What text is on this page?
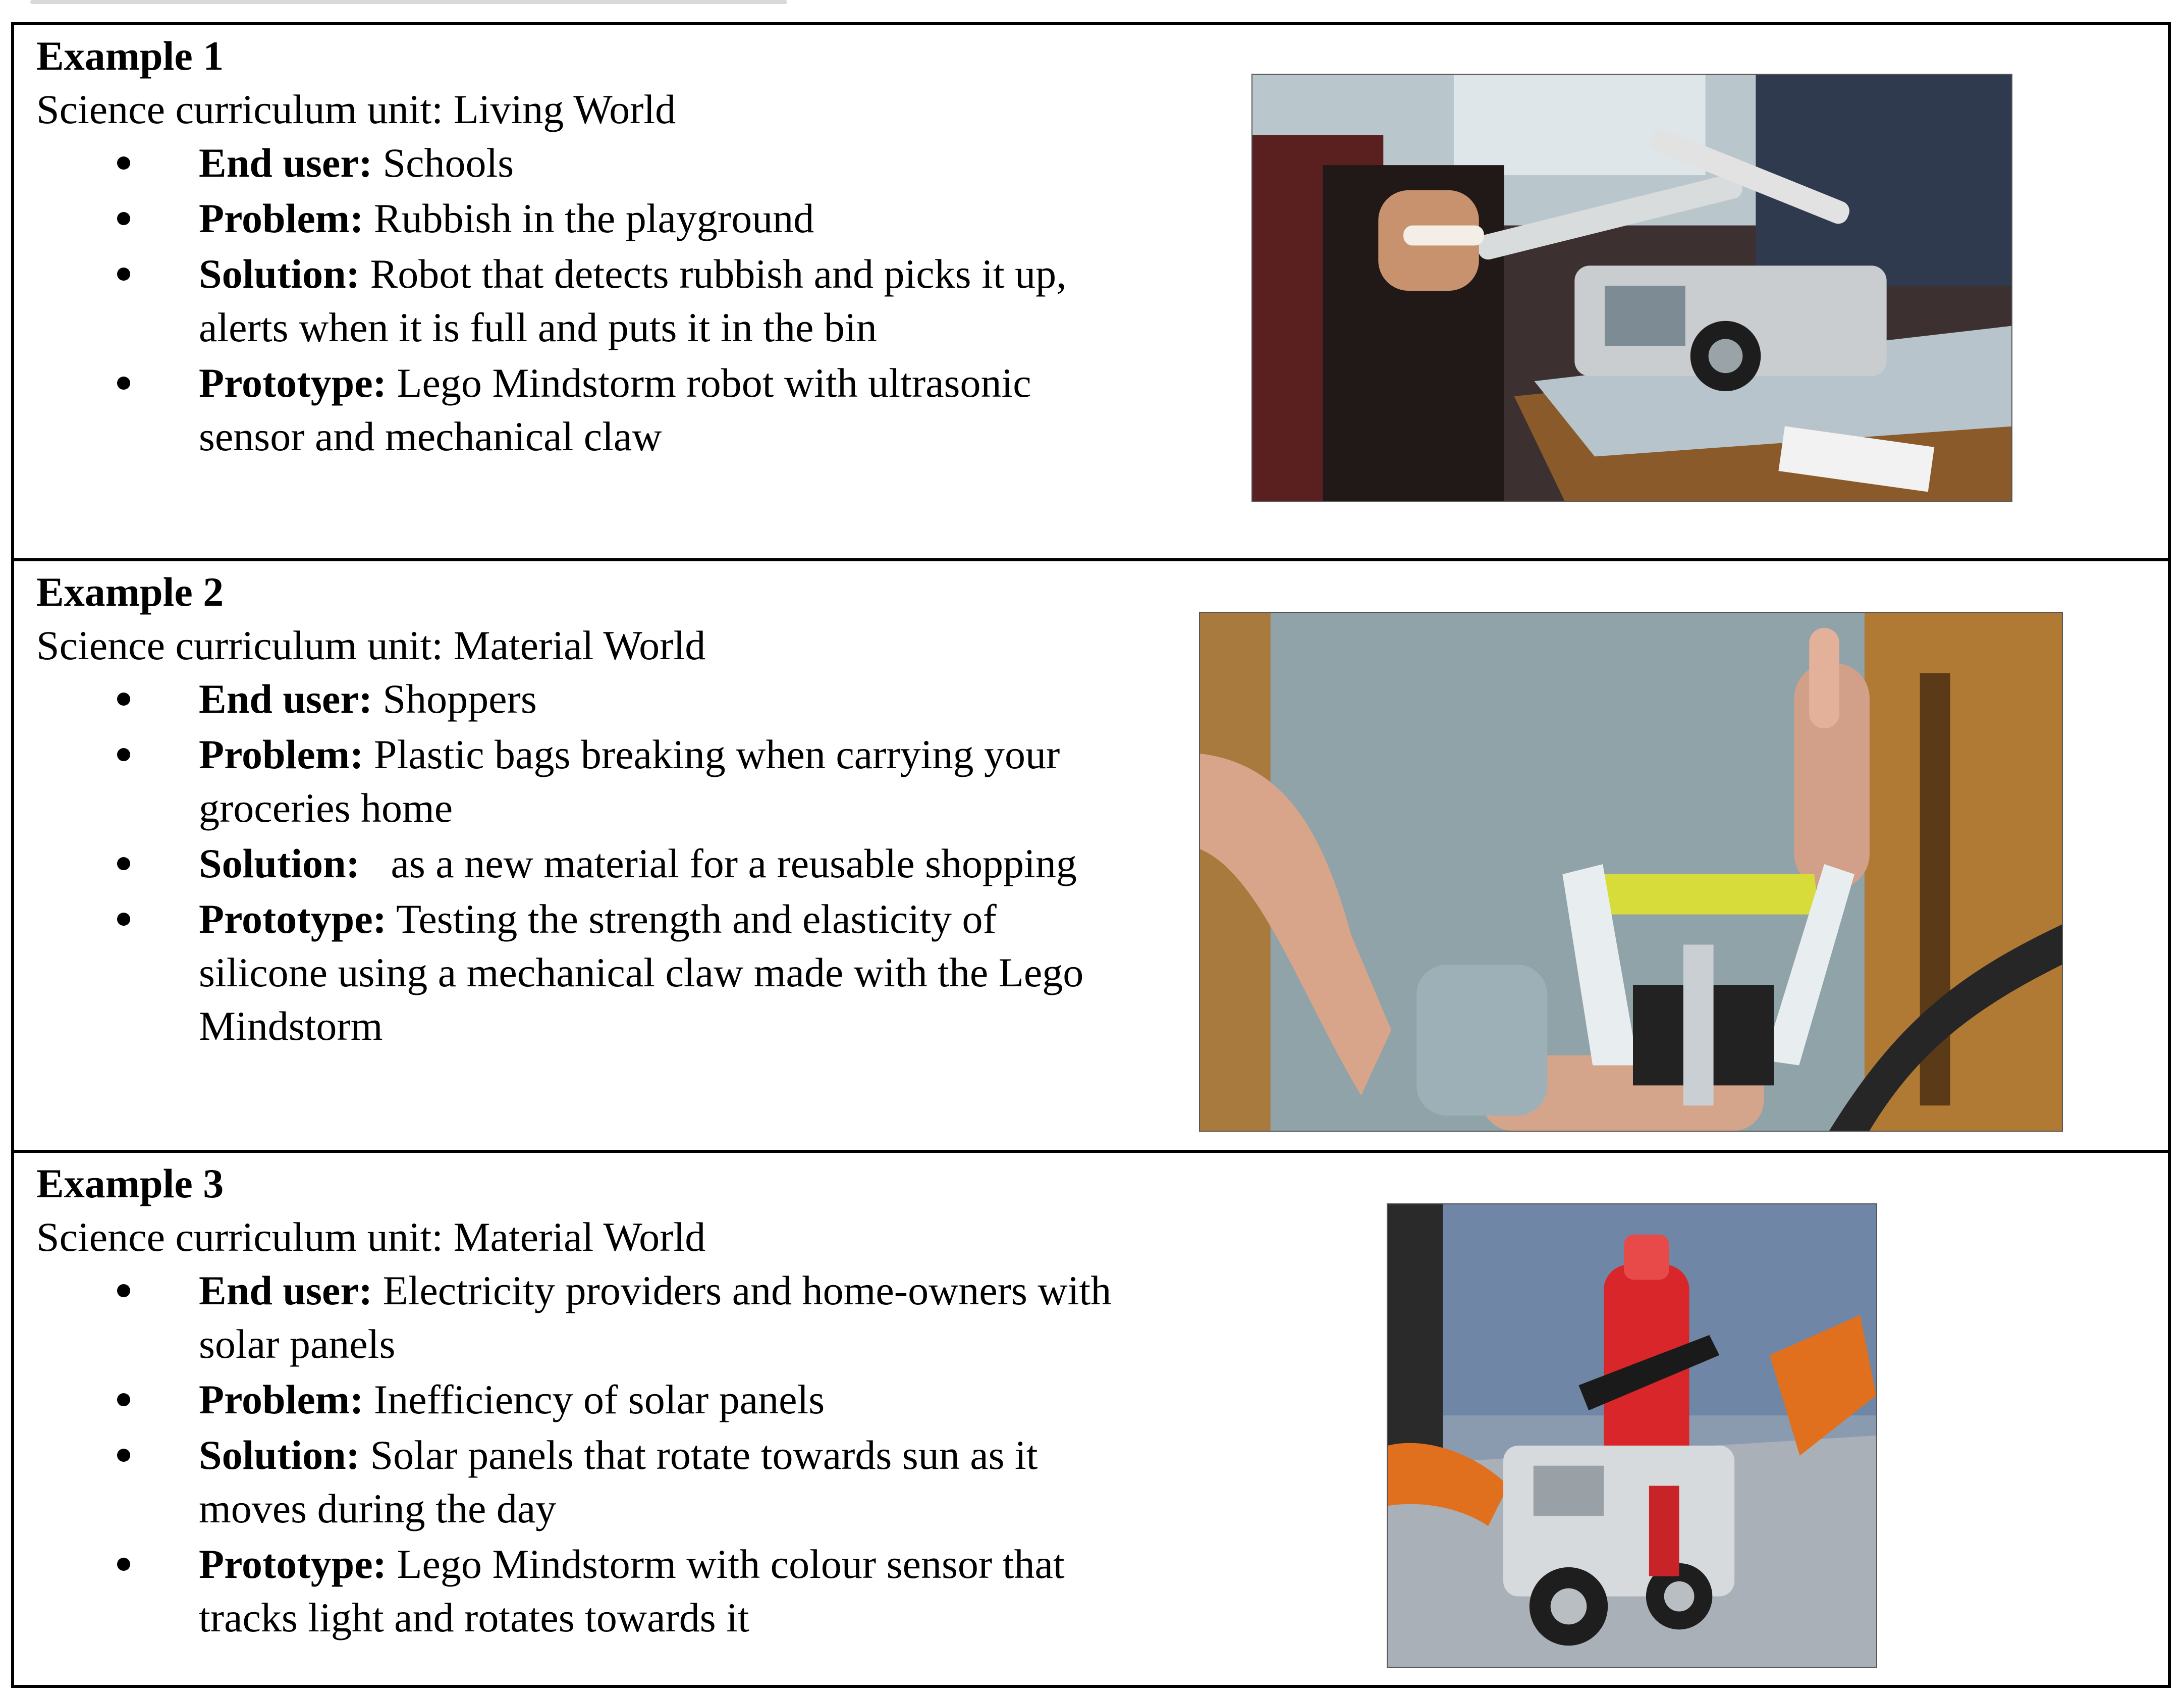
Example 1

Science curriculum unit: Living World

End user: Schools
Problem: Rubbish in the playground
Solution: Robot that detects rubbish and picks it up, alerts when it is full and puts it in the bin
Prototype: Lego Mindstorm robot with ultrasonic sensor and mechanical claw

Example 2

Science curriculum unit: Material World

End user: Shoppers
Problem: Plastic bags breaking when carrying your groceries home
Solution:   as a new material for a reusable shopping
Prototype: Testing the strength and elasticity of silicone using a mechanical claw made with the Lego Mindstorm

Example 3

Science curriculum unit: Material World

End user: Electricity providers and home-owners with solar panels
Problem: Inefficiency of solar panels
Solution: Solar panels that rotate towards sun as it moves during the day
Prototype: Lego Mindstorm with colour sensor that tracks light and rotates towards it
